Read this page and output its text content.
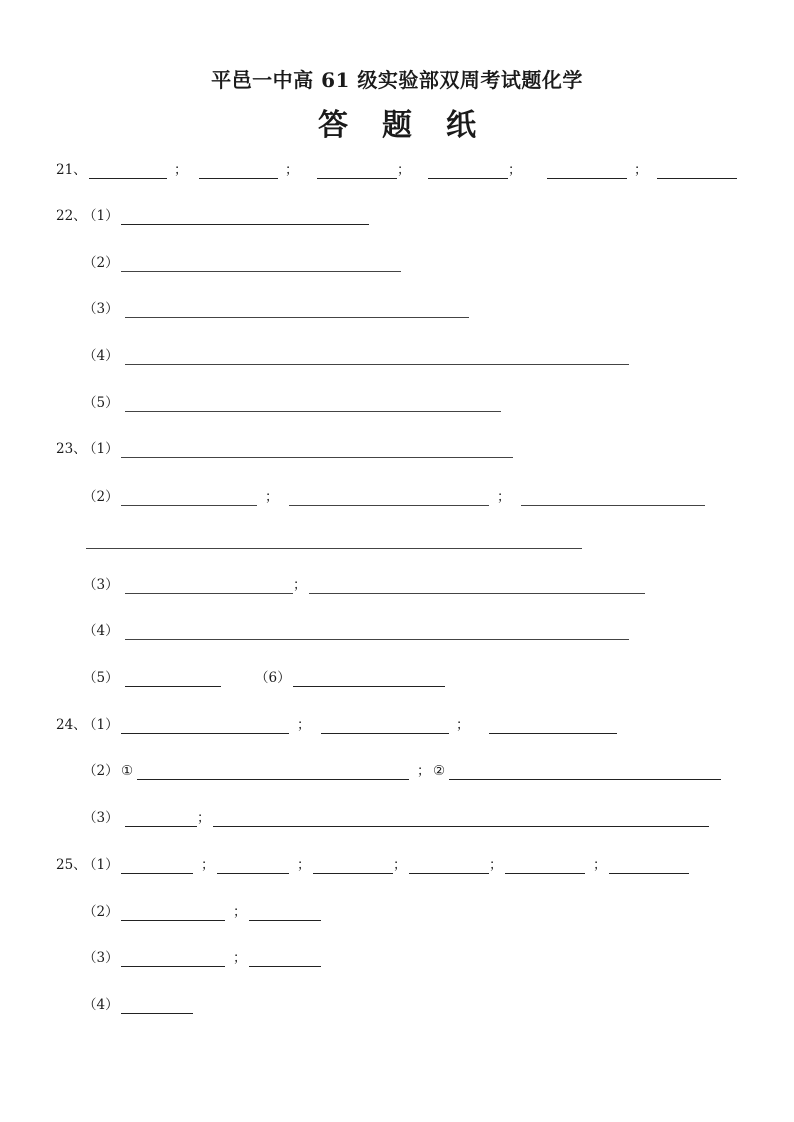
平邑一中高 61 级实验部双周考试题化学
答题纸
21、	；	；	；	；	；
22、
（1）
（2）
（3）
（4）
（5）
23、
（1）
（2）	；	；
（3）	；
（4）
（5）	（6）
24、
（1）	；	；
（2） ①	； ②
（3）	；
25、
（1）	；	；	；	；	；
（2）	；
（3）	；
（4）
